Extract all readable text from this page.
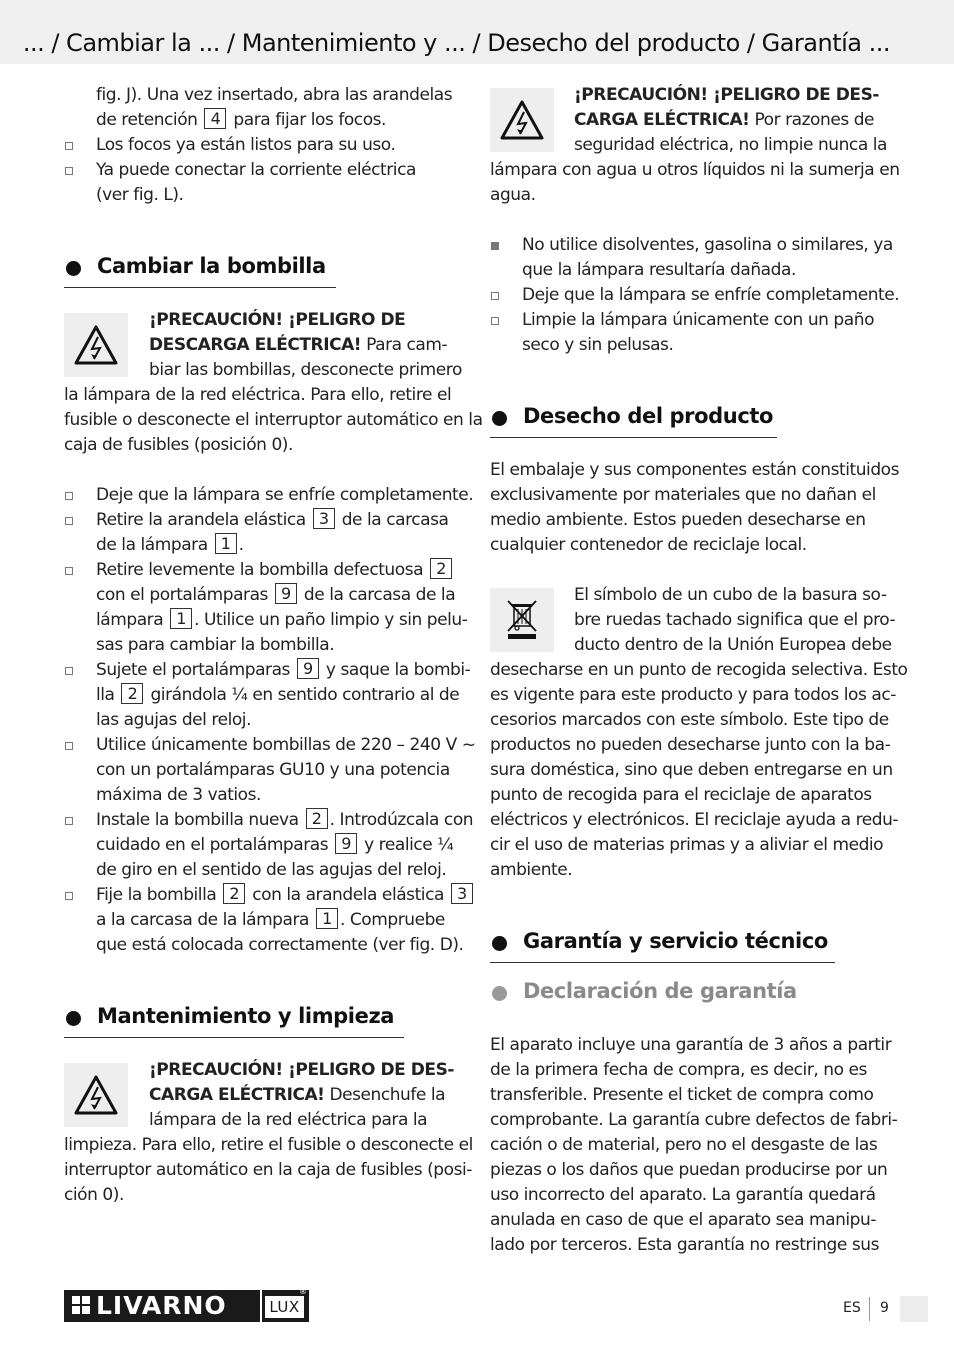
... / Cambiar la ... / Mantenimiento y ... / Desecho del producto / Garantía ...
fig. J). Una vez insertado, abra las arandelas
de retención 4 para fijar los focos.
Los focos ya están listos para su uso.
Ya puede conectar la corriente eléctrica
(ver fig. L).
Cambiar la bombilla
¡PRECAUCIÓN! ¡PELIGRO DE
DESCARGA ELÉCTRICA! Para cam-
biar las bombillas, desconecte primero
la lámpara de la red eléctrica. Para ello, retire el
fusible o desconecte el interruptor automático en la
caja de fusibles (posición 0).
Deje que la lámpara se enfríe completamente.
Retire la arandela elástica 3 de la carcasa
de la lámpara 1 .
Retire levemente la bombilla defectuosa 2
con el portalámparas 9 de la carcasa de la
lámpara 1 . Utilice un paño limpio y sin pelu-
sas para cambiar la bombilla.
Sujete el portalámparas 9 y saque la bombi-
lla 2 girándola ¼ en sentido contrario al de
las agujas del reloj.
Utilice únicamente bombillas de 220 – 240 V ~
con un portalámparas GU10 y una potencia
máxima de 3 vatios.
Instale la bombilla nueva 2 . Introdúzcala con
cuidado en el portalámparas 9 y realice ¼
de giro en el sentido de las agujas del reloj.
Fije la bombilla 2 con la arandela elástica 3
a la carcasa de la lámpara 1 . Compruebe
que está colocada correctamente (ver fig. D).
Mantenimiento y limpieza
¡PRECAUCIÓN! ¡PELIGRO DE DES-
CARGA ELÉCTRICA! Desenchufe la
lámpara de la red eléctrica para la
limpieza. Para ello, retire el fusible o desconecte el
interruptor automático en la caja de fusibles (posi-
ción 0).
¡PRECAUCIÓN! ¡PELIGRO DE DES-
CARGA ELÉCTRICA! Por razones de
seguridad eléctrica, no limpie nunca la
lámpara con agua u otros líquidos ni la sumerja en
agua.
No utilice disolventes, gasolina o similares, ya
que la lámpara resultaría dañada.
Deje que la lámpara se enfríe completamente.
Limpie la lámpara únicamente con un paño
seco y sin pelusas.
Desecho del producto
El embalaje y sus componentes están constituidos
exclusivamente por materiales que no dañan el
medio ambiente. Estos pueden desecharse en
cualquier contenedor de reciclaje local.
El símbolo de un cubo de la basura so-
bre ruedas tachado significa que el pro-
ducto dentro de la Unión Europea debe
desecharse en un punto de recogida selectiva. Esto
es vigente para este producto y para todos los ac-
cesorios marcados con este símbolo. Este tipo de
productos no pueden desecharse junto con la ba-
sura doméstica, sino que deben entregarse en un
punto de recogida para el reciclaje de aparatos
eléctricos y electrónicos. El reciclaje ayuda a redu-
cir el uso de materias primas y a aliviar el medio
ambiente.
Garantía y servicio técnico
Declaración de garantía
El aparato incluye una garantía de 3 años a partir
de la primera fecha de compra, es decir, no es
transferible. Presente el ticket de compra como
comprobante. La garantía cubre defectos de fabri-
cación o de material, pero no el desgaste de las
piezas o los daños que puedan producirse por un
uso incorrecto del aparato. La garantía quedará
anulada en caso de que el aparato sea manipu-
lado por terceros. Esta garantía no restringe sus
LIVARNO	LUX
®
ES 9
